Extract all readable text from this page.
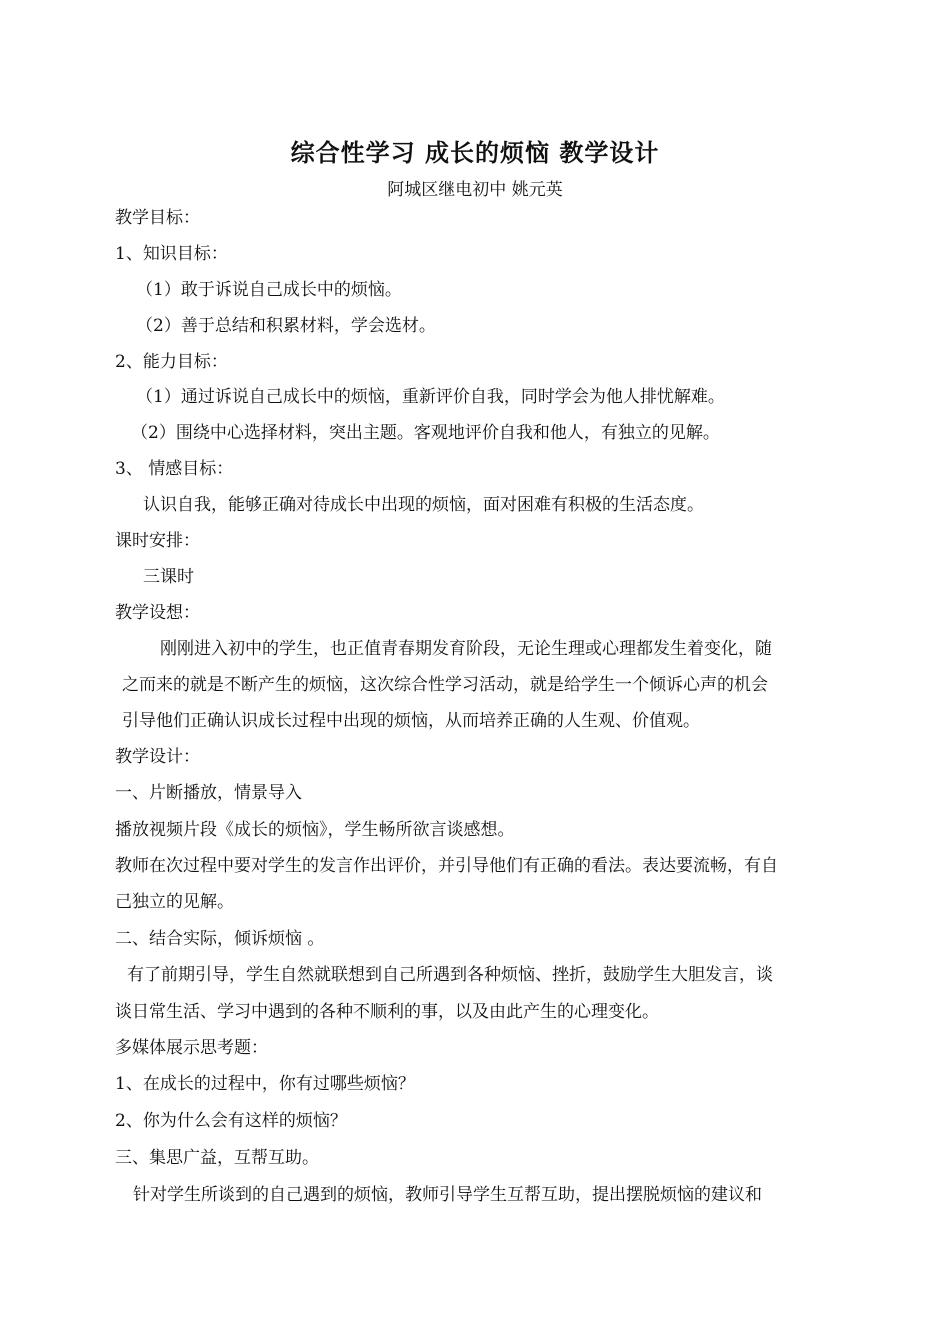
综合性学习 成长的烦恼 教学设计
阿城区继电初中 姚元英
教学目标：
1、知识目标：
（1）敢于诉说自己成长中的烦恼。
（2）善于总结和积累材料，学会选材。
2、能力目标：
（1）通过诉说自己成长中的烦恼，重新评价自我，同时学会为他人排忧解难。
（2）围绕中心选择材料，突出主题。客观地评价自我和他人，有独立的见解。
3、 情感目标：
认识自我，能够正确对待成长中出现的烦恼，面对困难有积极的生活态度。
课时安排：
三课时
教学设想：
刚刚进入初中的学生，也正值青春期发育阶段，无论生理或心理都发生着变化，随
之而来的就是不断产生的烦恼，这次综合性学习活动，就是给学生一个倾诉心声的机会
引导他们正确认识成长过程中出现的烦恼，从而培养正确的人生观、价值观。
教学设计：
一、片断播放，情景导入
播放视频片段《成长的烦恼》，学生畅所欲言谈感想。
教师在次过程中要对学生的发言作出评价，并引导他们有正确的看法。表达要流畅，有自
己独立的见解。
二、结合实际，倾诉烦恼 。
有了前期引导，学生自然就联想到自己所遇到各种烦恼、挫折，鼓励学生大胆发言，谈
谈日常生活、学习中遇到的各种不顺利的事，以及由此产生的心理变化。
多媒体展示思考题：
1、在成长的过程中，你有过哪些烦恼？
2、你为什么会有这样的烦恼？
三、集思广益，互帮互助。
针对学生所谈到的自己遇到的烦恼，教师引导学生互帮互助，提出摆脱烦恼的建议和
